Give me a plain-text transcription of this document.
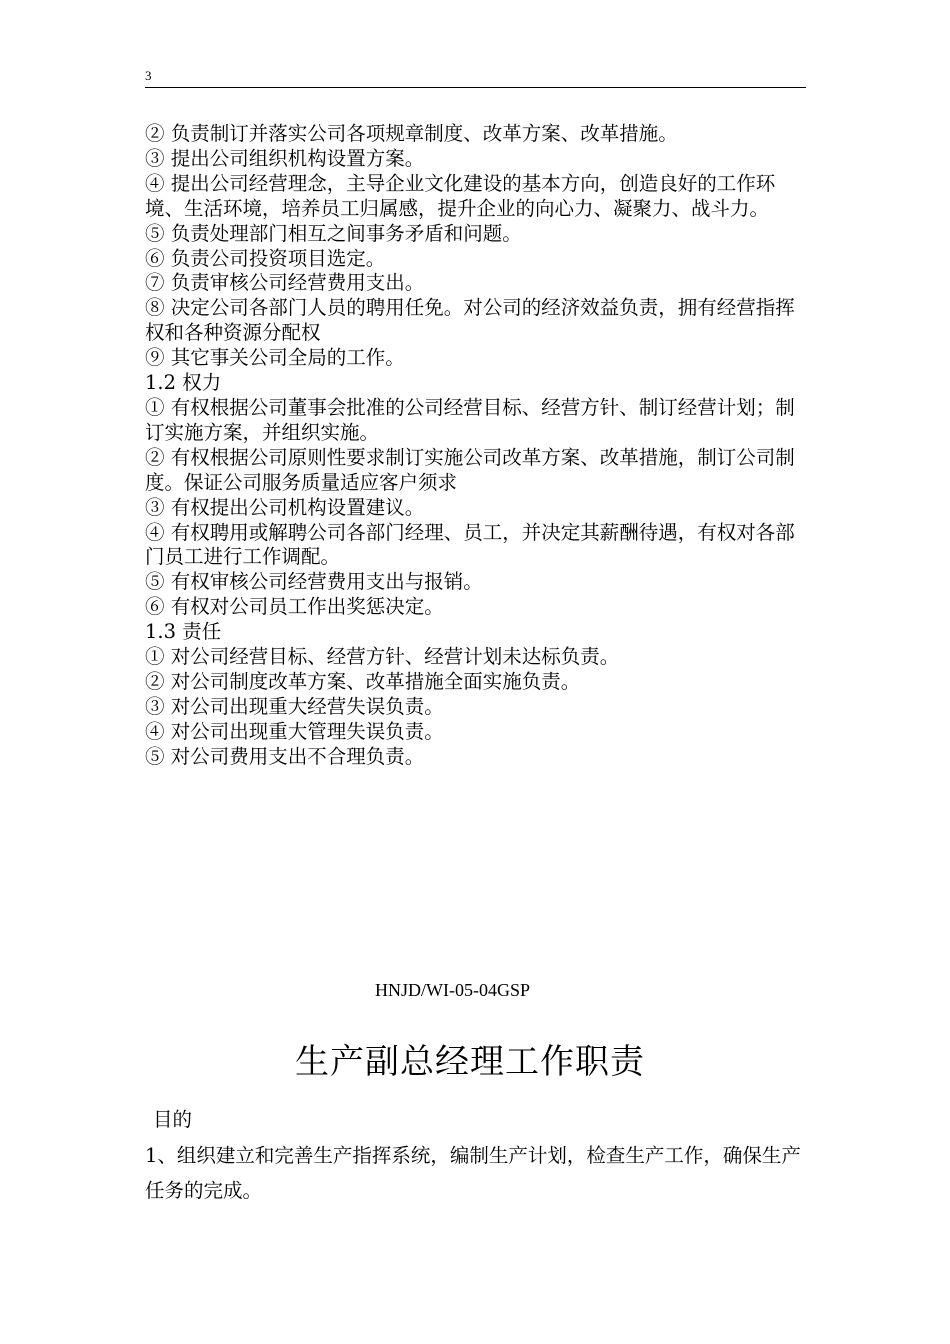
3

② 负责制订并落实公司各项规章制度、改革方案、改革措施。

③ 提出公司组织机构设置方案。

④ 提出公司经营理念，主导企业文化建设的基本方向，创造良好的工作环境、生活环境，培养员工归属感，提升企业的向心力、凝聚力、战斗力。

⑤ 负责处理部门相互之间事务矛盾和问题。

⑥ 负责公司投资项目选定。

⑦ 负责审核公司经营费用支出。

⑧ 决定公司各部门人员的聘用任免。对公司的经济效益负责，拥有经营指挥权和各种资源分配权

⑨ 其它事关公司全局的工作。

1.2 权力

① 有权根据公司董事会批准的公司经营目标、经营方针、制订经营计划；制订实施方案，并组织实施。

② 有权根据公司原则性要求制订实施公司改革方案、改革措施，制订公司制度。保证公司服务质量适应客户须求

③ 有权提出公司机构设置建议。

④ 有权聘用或解聘公司各部门经理、员工，并决定其薪酬待遇，有权对各部门员工进行工作调配。

⑤ 有权审核公司经营费用支出与报销。

⑥ 有权对公司员工作出奖惩决定。

1.3 责任

① 对公司经营目标、经营方针、经营计划未达标负责。

② 对公司制度改革方案、改革措施全面实施负责。

③ 对公司出现重大经营失误负责。

④ 对公司出现重大管理失误负责。

⑤ 对公司费用支出不合理负责。

HNJD/WI-05-04GSP
生产副总经理工作职责
目的

1、组织建立和完善生产指挥系统，编制生产计划，检查生产工作，确保生产任务的完成。
